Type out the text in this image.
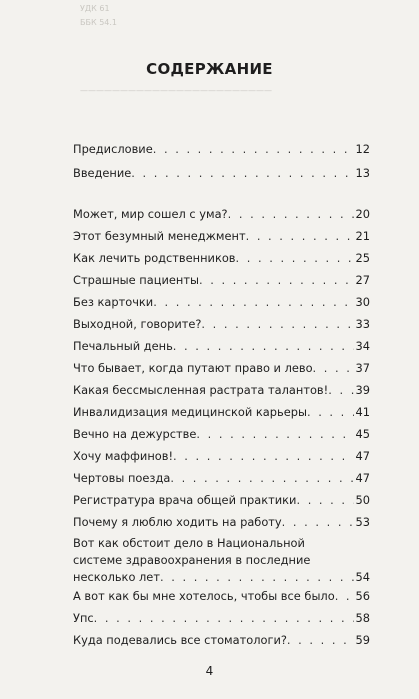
УДК 61
ББК 54.1
————————————————————————
СОДЕРЖАНИЕ
Предисловие . . .	12
Введение . . .	13
Может, мир сошел с ума? . . .	20
Этот безумный менеджмент . . .	21
Как лечить родственников . . .	25
Страшные пациенты . . .	27
Без карточки . . .	30
Выходной, говорите? . . .	33
Печальный день . . .	34
Что бывает, когда путают право и лево . . .	37
Какая бессмысленная растрата талантов! . . . 39
Инвалидизация медицинской карьеры . . .	41
Вечно на дежурстве . . .	45
Хочу маффинов! . . .	47
Чертовы поезда . . .	47
Регистратура врача общей практики . . .	50
Почему я люблю ходить на работу . . .	53
Вот как обстоит дело в Национальной
системе здравоохранения в последние
несколько лет . . .	54
А вот как бы мне хотелось, чтобы все было . . . 56
Упс . . .	58
Куда подевались все стоматологи? . . .	59
4
